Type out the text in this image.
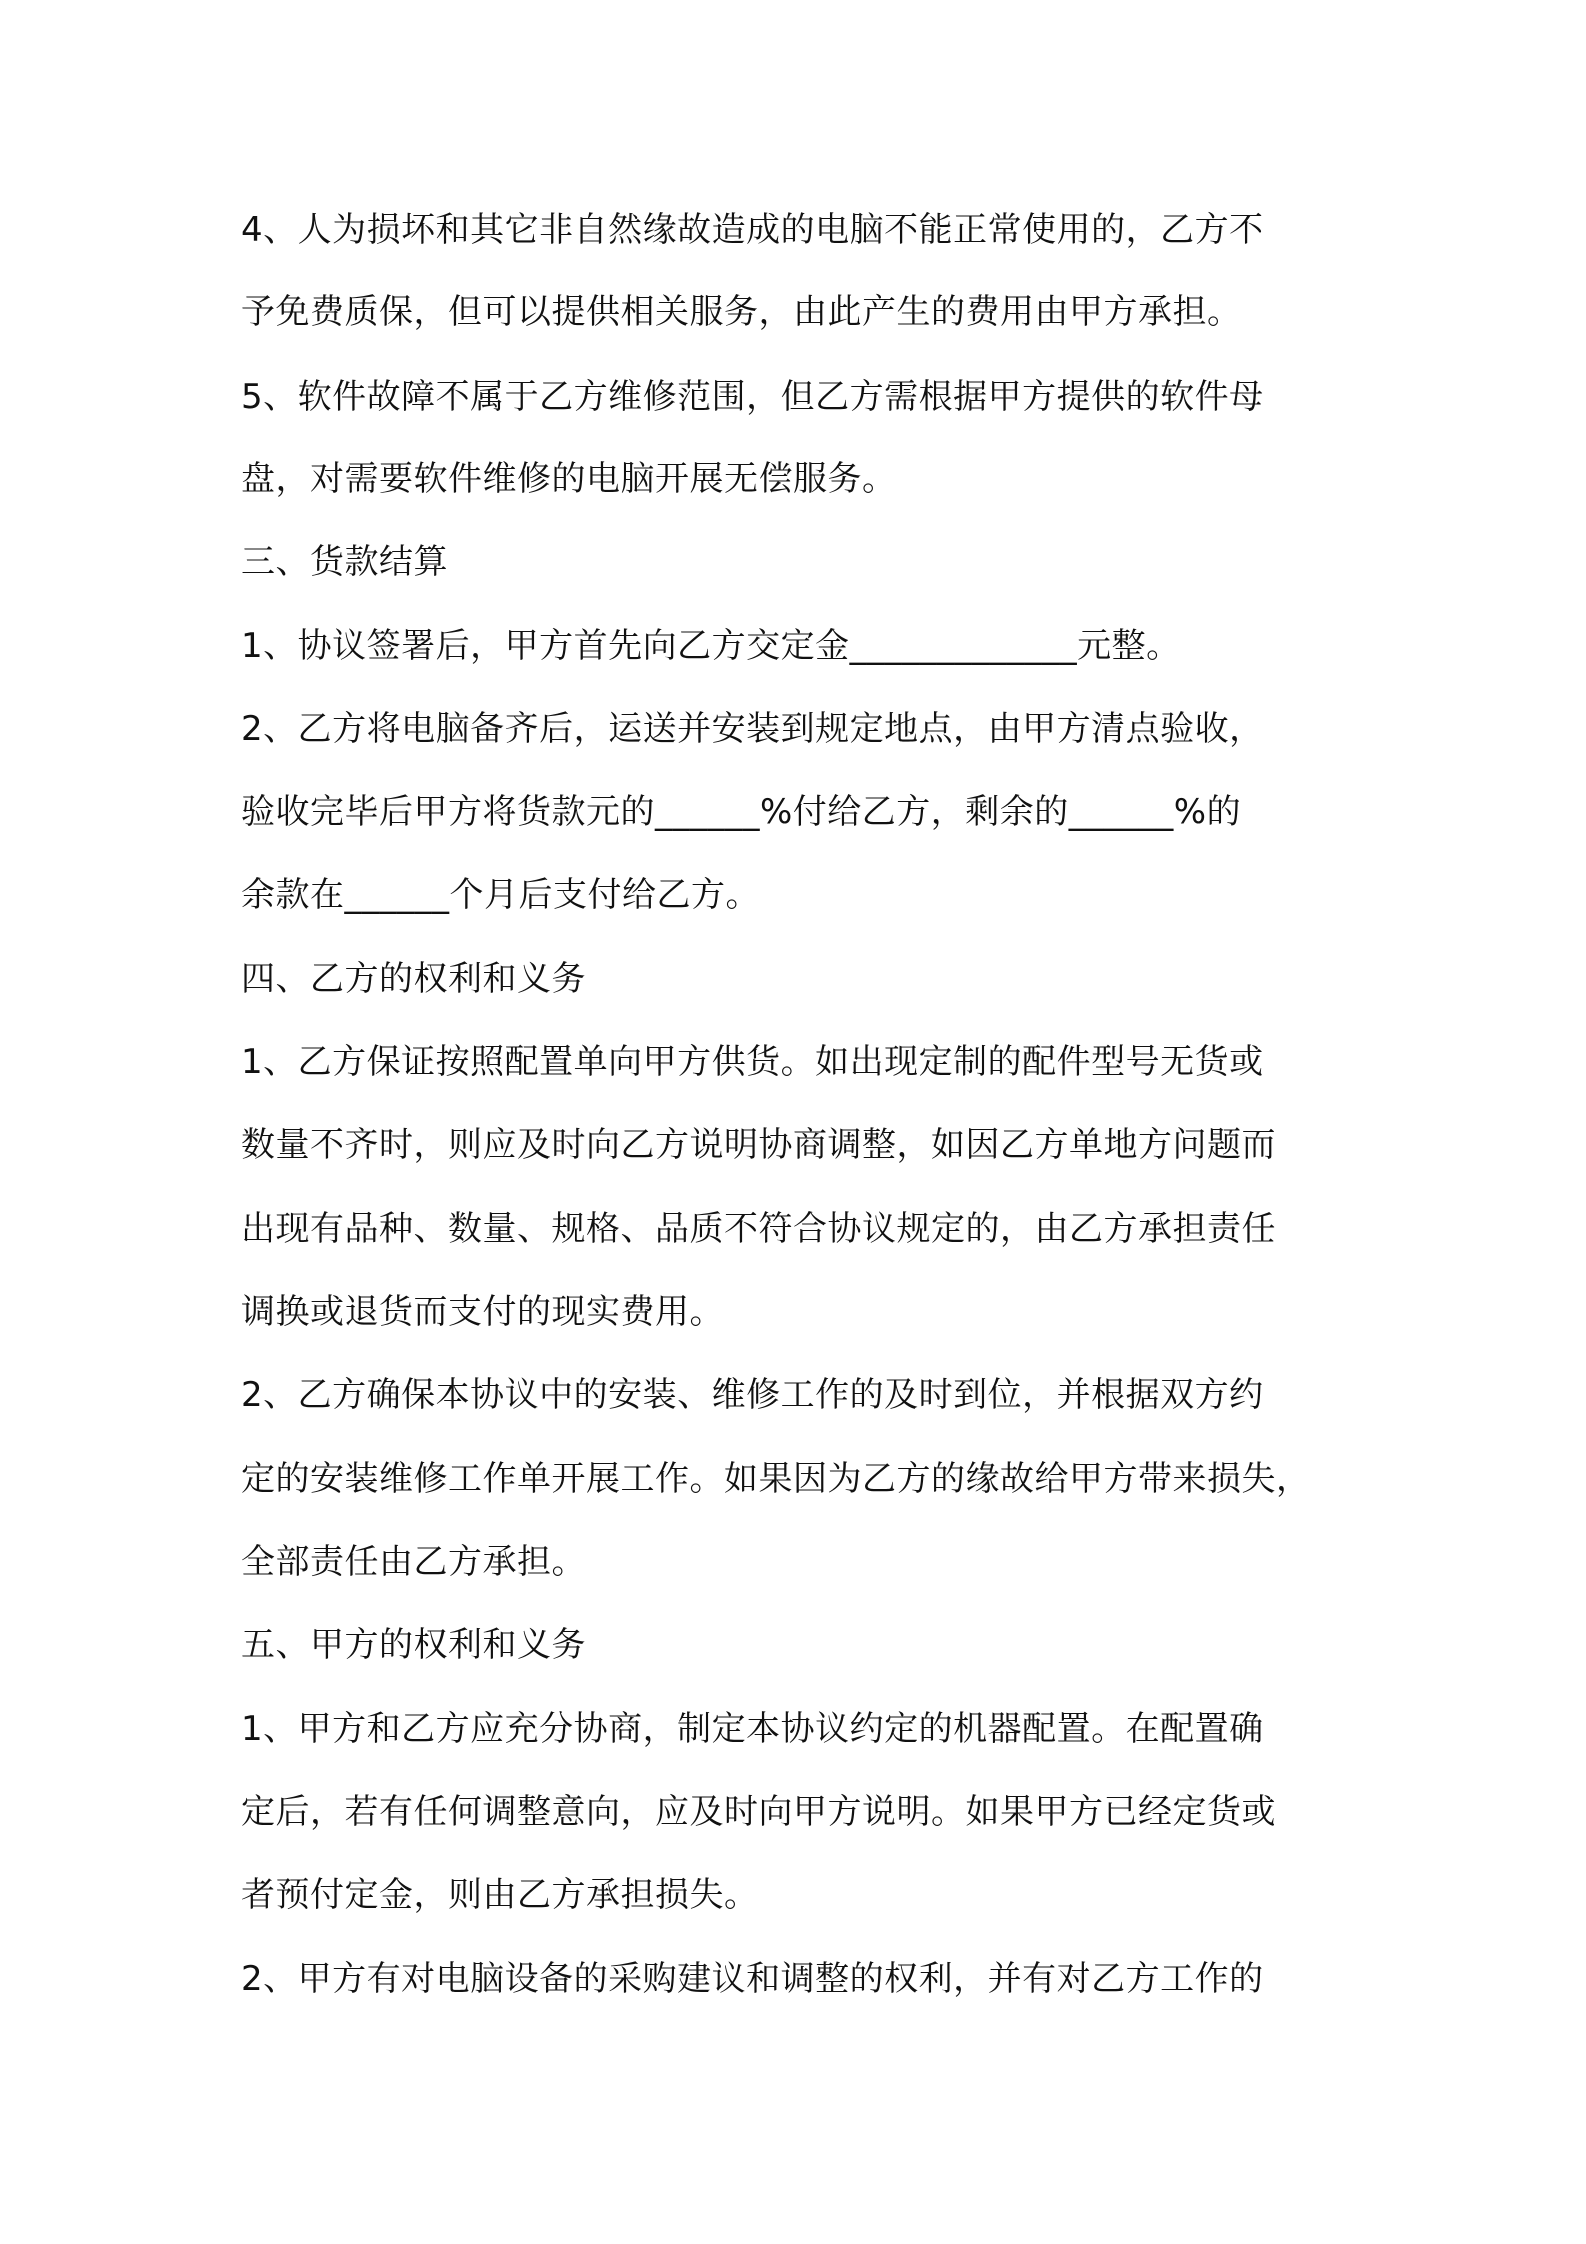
4、人为损坏和其它非自然缘故造成的电脑不能正常使用的，乙方不
予免费质保，但可以提供相关服务，由此产生的费用由甲方承担。
5、软件故障不属于乙方维修范围，但乙方需根据甲方提供的软件母
盘，对需要软件维修的电脑开展无偿服务。
三、货款结算
1、协议签署后，甲方首先向乙方交定金_____________元整。
2、乙方将电脑备齐后，运送并安装到规定地点，由甲方清点验收，
验收完毕后甲方将货款元的______%付给乙方，剩余的______%的
余款在______个月后支付给乙方。
四、乙方的权利和义务
1、乙方保证按照配置单向甲方供货。如出现定制的配件型号无货或
数量不齐时，则应及时向乙方说明协商调整，如因乙方单地方问题而
出现有品种、数量、规格、品质不符合协议规定的，由乙方承担责任
调换或退货而支付的现实费用。
2、乙方确保本协议中的安装、维修工作的及时到位，并根据双方约
定的安装维修工作单开展工作。如果因为乙方的缘故给甲方带来损失，
全部责任由乙方承担。
五、甲方的权利和义务
1、甲方和乙方应充分协商，制定本协议约定的机器配置。在配置确
定后，若有任何调整意向，应及时向甲方说明。如果甲方已经定货或
者预付定金，则由乙方承担损失。
2、甲方有对电脑设备的采购建议和调整的权利，并有对乙方工作的
